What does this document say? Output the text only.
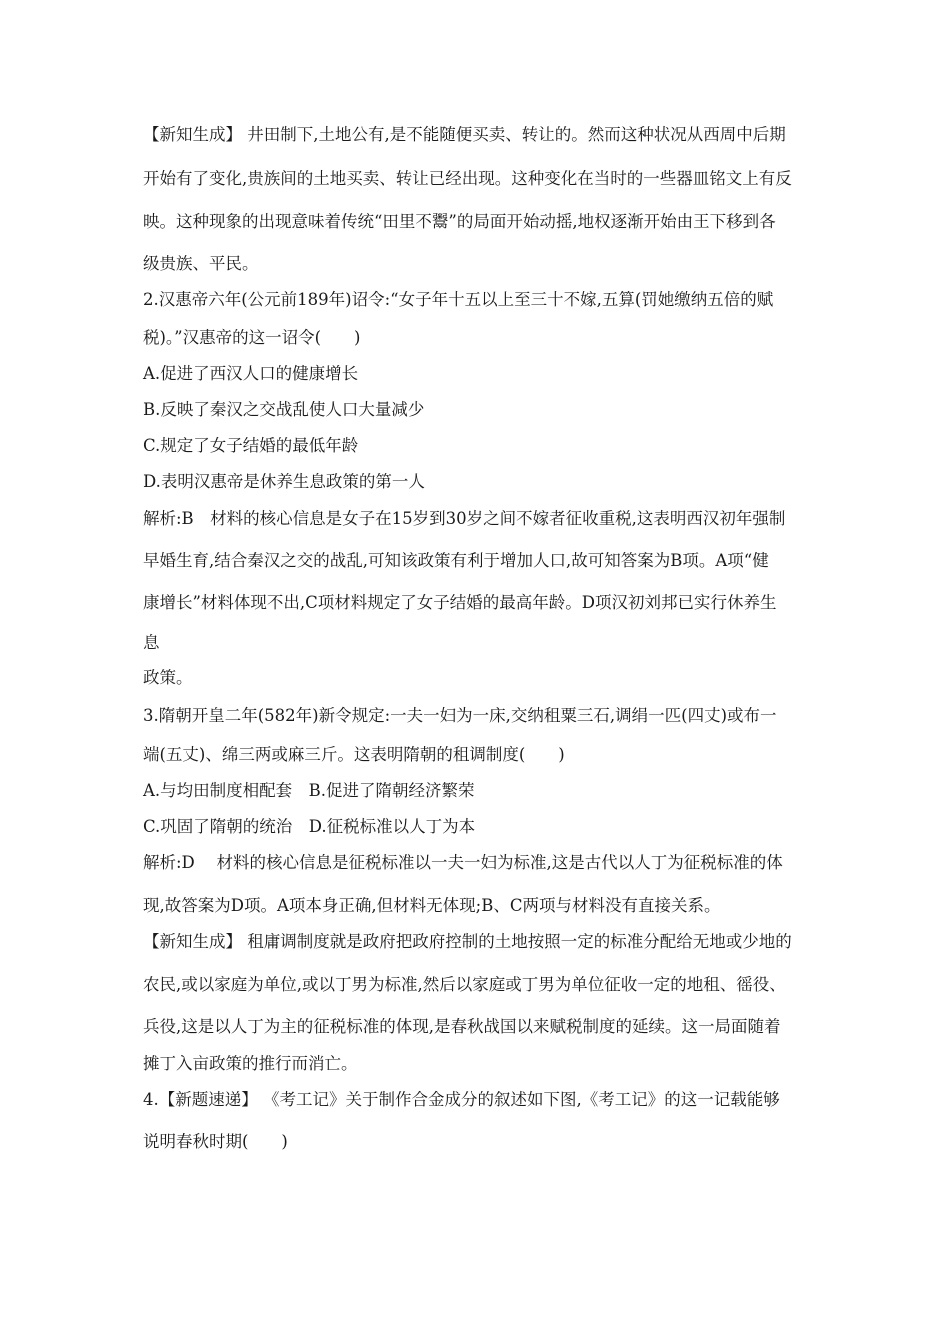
【新知生成】 井田制下,土地公有,是不能随便买卖、转让的。然而这种状况从西周中后期
开始有了变化,贵族间的土地买卖、转让已经出现。这种变化在当时的一些器皿铭文上有反
映。这种现象的出现意味着传统“田里不鬻”的局面开始动摇,地权逐渐开始由王下移到各
级贵族、平民。
2.汉惠帝六年(公元前189年)诏令:“女子年十五以上至三十不嫁,五算(罚她缴纳五倍的赋
税)。”汉惠帝的这一诏令(　　)
A.促进了西汉人口的健康增长
B.反映了秦汉之交战乱使人口大量减少
C.规定了女子结婚的最低年龄
D.表明汉惠帝是休养生息政策的第一人
解析:B　材料的核心信息是女子在15岁到30岁之间不嫁者征收重税,这表明西汉初年强制
早婚生育,结合秦汉之交的战乱,可知该政策有利于增加人口,故可知答案为B项。A项“健
康增长”材料体现不出,C项材料规定了女子结婚的最高年龄。D项汉初刘邦已实行休养生
息
政策。
3.隋朝开皇二年(582年)新令规定:一夫一妇为一床,交纳租粟三石,调绢一匹(四丈)或布一
端(五丈)、绵三两或麻三斤。这表明隋朝的租调制度(　　)
A.与均田制度相配套　B.促进了隋朝经济繁荣
C.巩固了隋朝的统治　D.征税标准以人丁为本
解析:D　 材料的核心信息是征税标准以一夫一妇为标准,这是古代以人丁为征税标准的体
现,故答案为D项。A项本身正确,但材料无体现;B、C两项与材料没有直接关系。
【新知生成】 租庸调制度就是政府把政府控制的土地按照一定的标准分配给无地或少地的
农民,或以家庭为单位,或以丁男为标准,然后以家庭或丁男为单位征收一定的地租、徭役、
兵役,这是以人丁为主的征税标准的体现,是春秋战国以来赋税制度的延续。这一局面随着
摊丁入亩政策的推行而消亡。
4.【新题速递】 《考工记》关于制作合金成分的叙述如下图,《考工记》的这一记载能够
说明春秋时期(　　)
